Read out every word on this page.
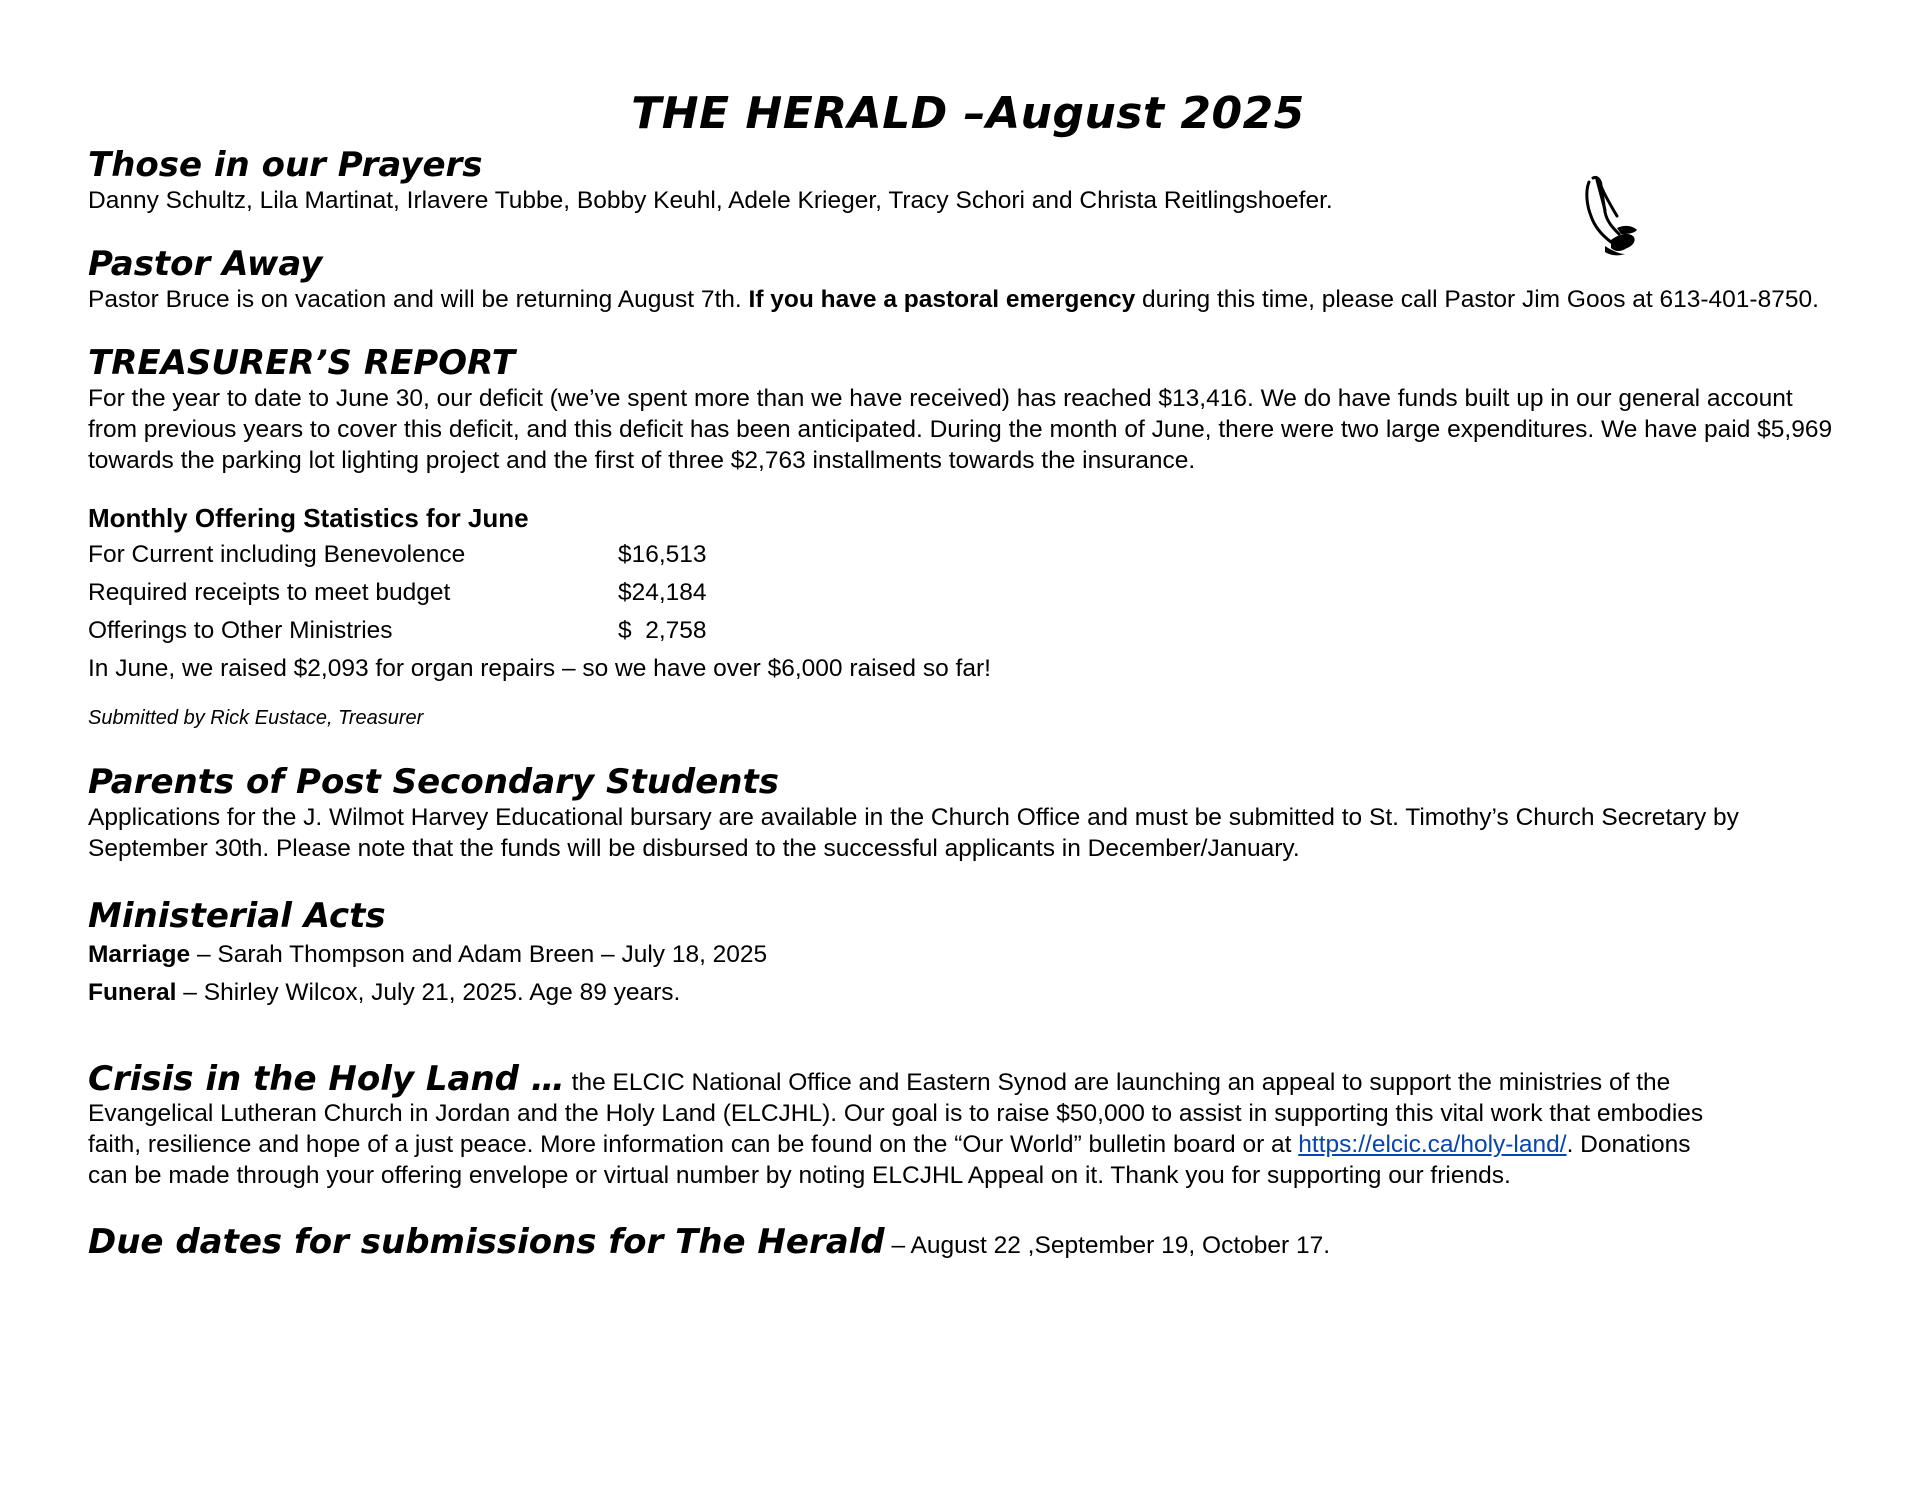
THE HERALD –August 2025
Those in our Prayers

Danny Schultz, Lila Martinat, Irlavere Tubbe, Bobby Keuhl, Adele Krieger, Tracy Schori and Christa Reitlingshoefer.

Pastor Away

Pastor Bruce is on vacation and will be returning August 7th. If you have a pastoral emergency during this time, please call Pastor Jim Goos at 613-401-8750.

TREASURER’S REPORT

For the year to date to June 30, our deficit (we’ve spent more than we have received) has reached $13,416. We do have funds built up in our general account from previous years to cover this deficit, and this deficit has been anticipated. During the month of June, there were two large expenditures. We have paid $5,969 towards the parking lot lighting project and the first of three $2,763 installments towards the insurance.

Monthly Offering Statistics for June
For Current including Benevolence	$16,513
Required receipts to meet budget	$24,184
Offerings to Other Ministries	$  2,758
In June, we raised $2,093 for organ repairs – so we have over $6,000 raised so far!
Submitted by Rick Eustace, Treasurer
Parents of Post Secondary Students

Applications for the J. Wilmot Harvey Educational bursary are available in the Church Office and must be submitted to St. Timothy’s Church Secretary by September 30th. Please note that the funds will be disbursed to the successful applicants in December/January.

Ministerial Acts
Marriage – Sarah Thompson and Adam Breen – July 18, 2025
Funeral – Shirley Wilcox, July 21, 2025. Age 89 years.

Crisis in the Holy Land … the ELCIC National Office and Eastern Synod are launching an appeal to support the ministries of the Evangelical Lutheran Church in Jordan and the Holy Land (ELCJHL). Our goal is to raise $50,000 to assist in supporting this vital work that embodies faith, resilience and hope of a just peace. More information can be found on the “Our World” bulletin board or at https://elcic.ca/holy-land/. Donations can be made through your offering envelope or virtual number by noting ELCJHL Appeal on it. Thank you for supporting our friends.

Due dates for submissions for The Herald – August 22 ,September 19, October 17.
